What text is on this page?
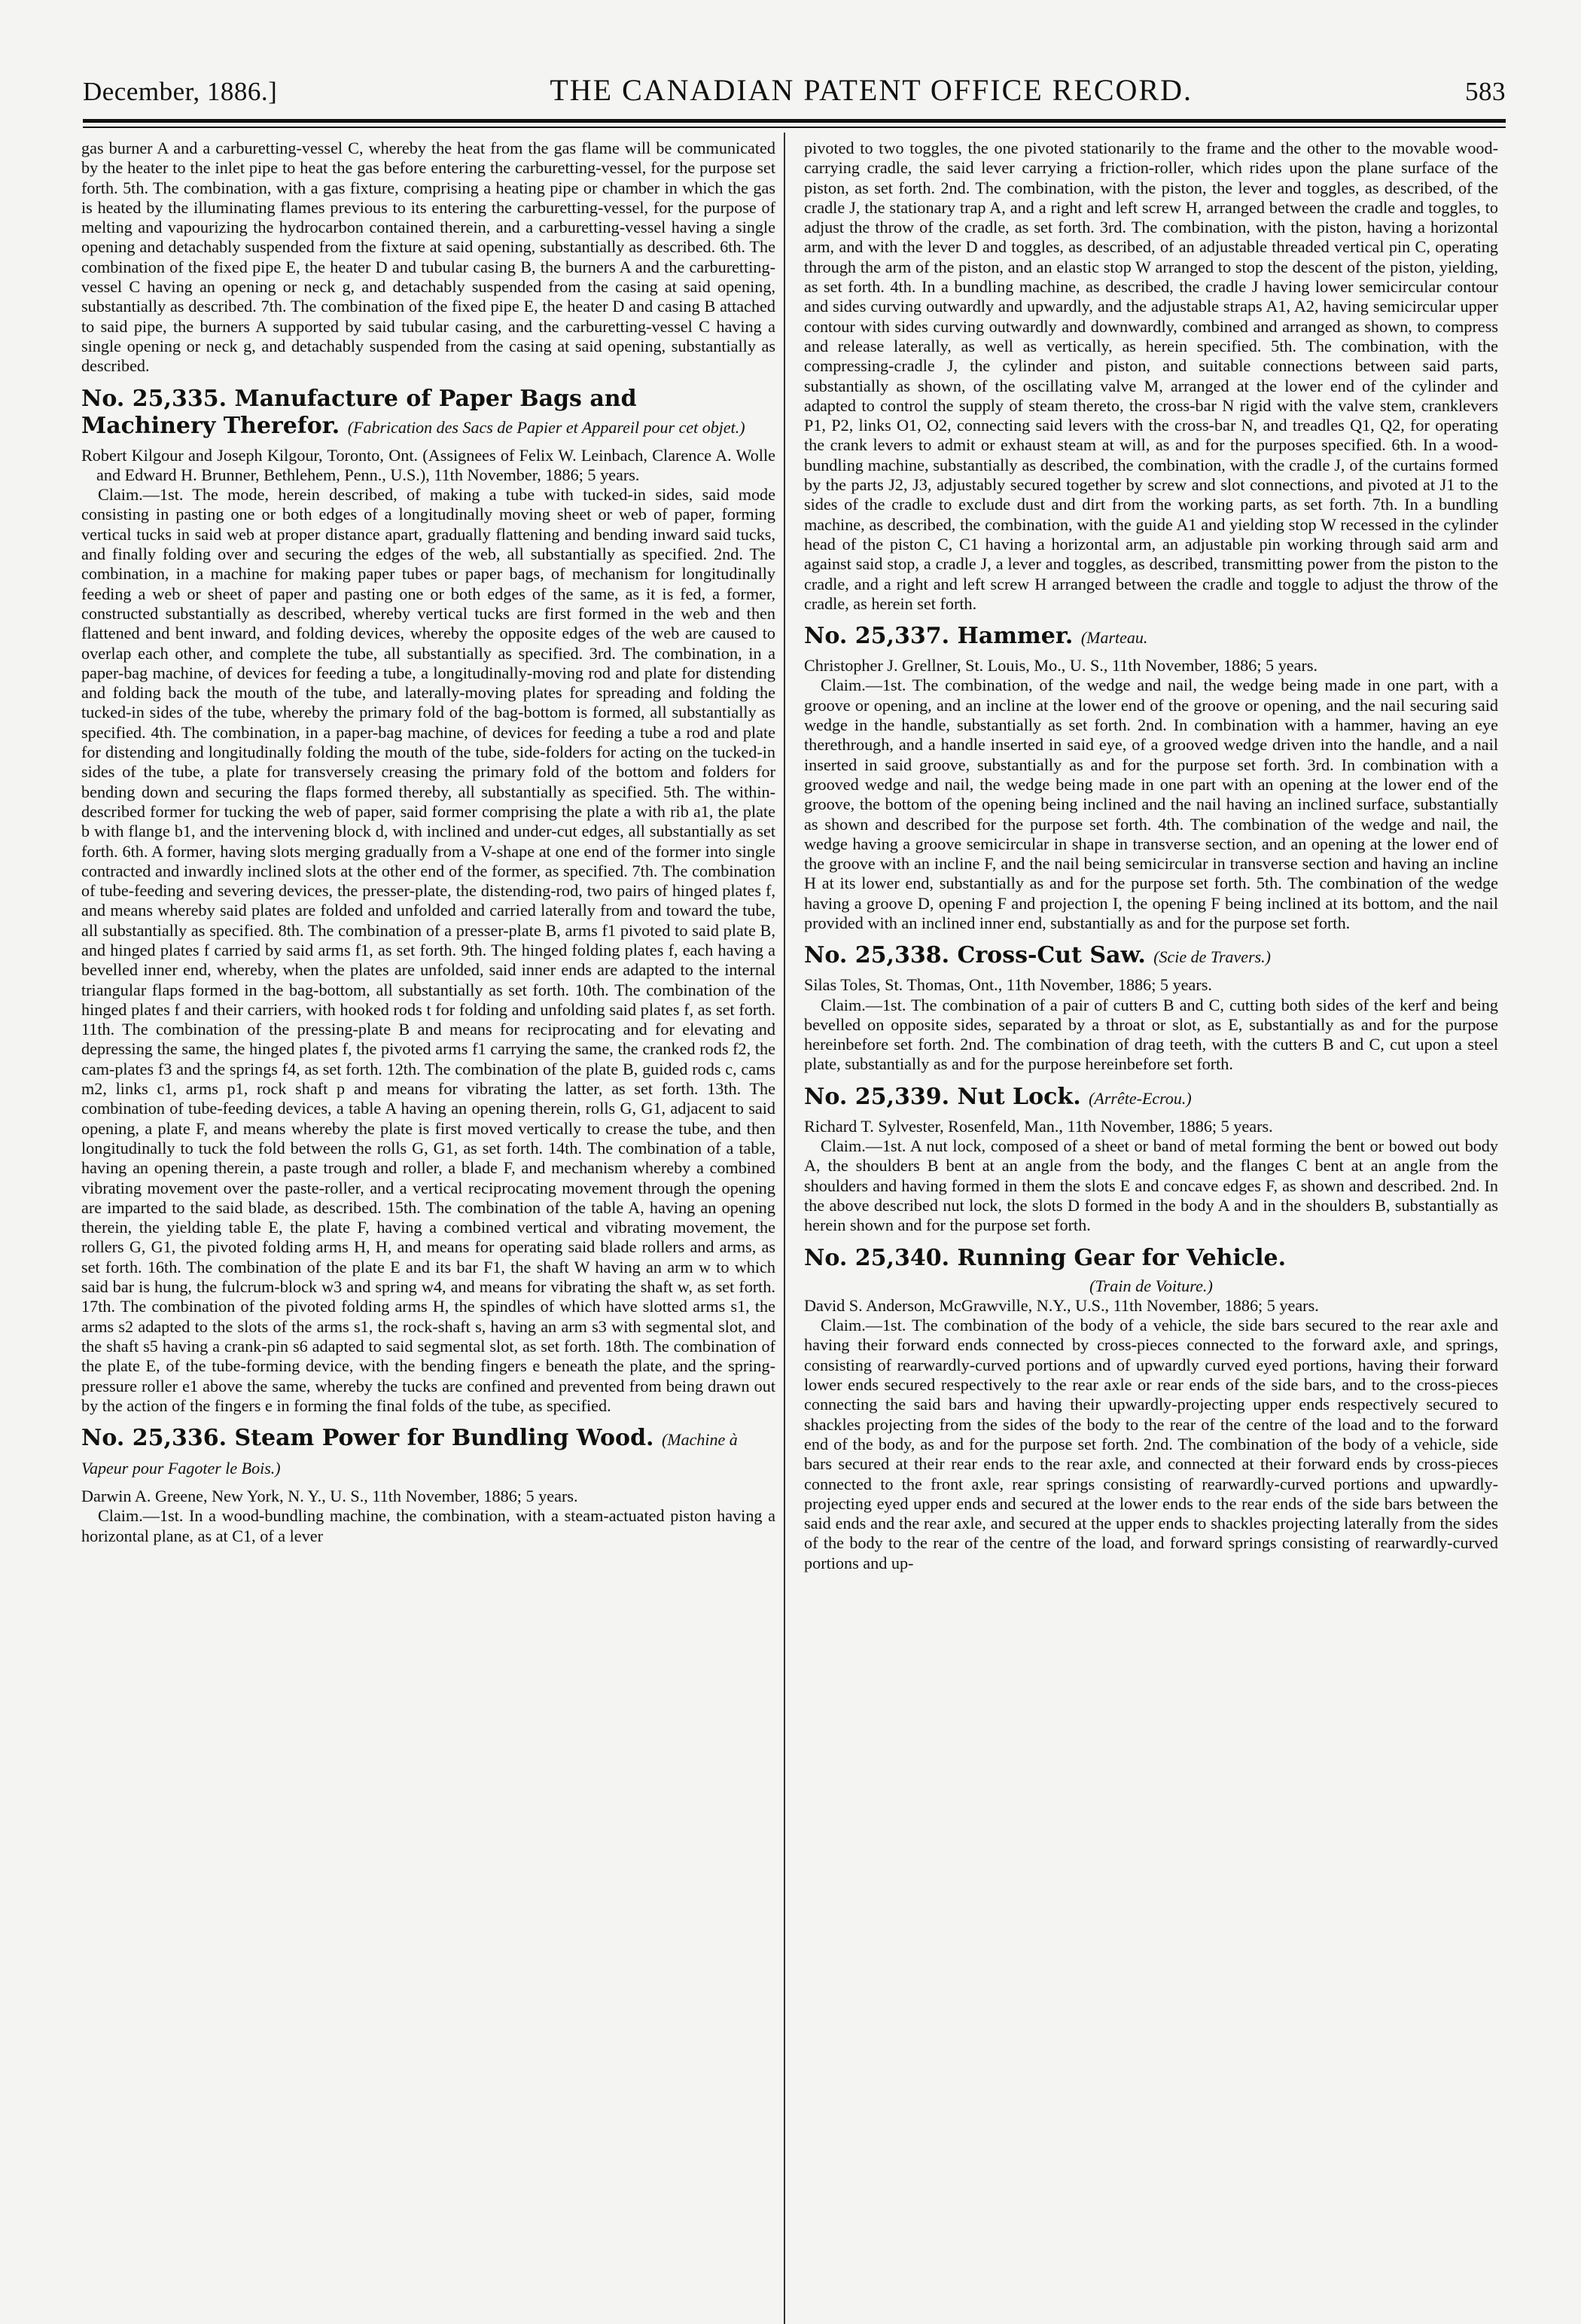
December, 1886.]	THE CANADIAN PATENT OFFICE RECORD.	583

gas burner A and a carburetting-vessel C, whereby the heat from the gas flame will be communicated by the heater to the inlet pipe to heat the gas before entering the carburetting-vessel, for the purpose set forth. 5th. The combination, with a gas fixture, comprising a heating pipe or chamber in which the gas is heated by the illuminating flames previous to its entering the carburetting-vessel, for the purpose of melting and vapourizing the hydrocarbon contained therein, and a carburetting-vessel having a single opening and detachably suspended from the fixture at said opening, substantially as described. 6th. The combination of the fixed pipe E, the heater D and tubular casing B, the burners A and the carburetting-vessel C having an opening or neck g, and detachably suspended from the casing at said opening, substantially as described. 7th. The combination of the fixed pipe E, the heater D and casing B attached to said pipe, the burners A supported by said tubular casing, and the carburetting-vessel C having a single opening or neck g, and detachably suspended from the casing at said opening, substantially as described.

No. 25,335. Manufacture of Paper Bags and Machinery Therefor. (Fabrication des Sacs de Papier et Appareil pour cet objet.)

Robert Kilgour and Joseph Kilgour, Toronto, Ont. (Assignees of Felix W. Leinbach, Clarence A. Wolle and Edward H. Brunner, Bethlehem, Penn., U.S.), 11th November, 1886; 5 years.

Claim.—1st. The mode, herein described, of making a tube with tucked-in sides, said mode consisting in pasting one or both edges of a longitudinally moving sheet or web of paper, forming vertical tucks in said web at proper distance apart, gradually flattening and bending inward said tucks, and finally folding over and securing the edges of the web, all substantially as specified. 2nd. The combination, in a machine for making paper tubes or paper bags, of mechanism for longitudinally feeding a web or sheet of paper and pasting one or both edges of the same, as it is fed, a former, constructed substantially as described, whereby vertical tucks are first formed in the web and then flattened and bent inward, and folding devices, whereby the opposite edges of the web are caused to overlap each other, and complete the tube, all substantially as specified. 3rd. The combination, in a paper-bag machine, of devices for feeding a tube, a longitudinally-moving rod and plate for distending and folding back the mouth of the tube, and laterally-moving plates for spreading and folding the tucked-in sides of the tube, whereby the primary fold of the bag-bottom is formed, all substantially as specified. 4th. The combination, in a paper-bag machine, of devices for feeding a tube a rod and plate for distending and longitudinally folding the mouth of the tube, side-folders for acting on the tucked-in sides of the tube, a plate for transversely creasing the primary fold of the bottom and folders for bending down and securing the flaps formed thereby, all substantially as specified. 5th. The within-described former for tucking the web of paper, said former comprising the plate a with rib a1, the plate b with flange b1, and the intervening block d, with inclined and under-cut edges, all substantially as set forth. 6th. A former, having slots merging gradually from a V-shape at one end of the former into single contracted and inwardly inclined slots at the other end of the former, as specified. 7th. The combination of tube-feeding and severing devices, the presser-plate, the distending-rod, two pairs of hinged plates f, and means whereby said plates are folded and unfolded and carried laterally from and toward the tube, all substantially as specified. 8th. The combination of a presser-plate B, arms f1 pivoted to said plate B, and hinged plates f carried by said arms f1, as set forth. 9th. The hinged folding plates f, each having a bevelled inner end, whereby, when the plates are unfolded, said inner ends are adapted to the internal triangular flaps formed in the bag-bottom, all substantially as set forth. 10th. The combination of the hinged plates f and their carriers, with hooked rods t for folding and unfolding said plates f, as set forth. 11th. The combination of the pressing-plate B and means for reciprocating and for elevating and depressing the same, the hinged plates f, the pivoted arms f1 carrying the same, the cranked rods f2, the cam-plates f3 and the springs f4, as set forth. 12th. The combination of the plate B, guided rods c, cams m2, links c1, arms p1, rock shaft p and means for vibrating the latter, as set forth. 13th. The combination of tube-feeding devices, a table A having an opening therein, rolls G, G1, adjacent to said opening, a plate F, and means whereby the plate is first moved vertically to crease the tube, and then longitudinally to tuck the fold between the rolls G, G1, as set forth. 14th. The combination of a table, having an opening therein, a paste trough and roller, a blade F, and mechanism whereby a combined vibrating movement over the paste-roller, and a vertical reciprocating movement through the opening are imparted to the said blade, as described. 15th. The combination of the table A, having an opening therein, the yielding table E, the plate F, having a combined vertical and vibrating movement, the rollers G, G1, the pivoted folding arms H, H, and means for operating said blade rollers and arms, as set forth. 16th. The combination of the plate E and its bar F1, the shaft W having an arm w to which said bar is hung, the fulcrum-block w3 and spring w4, and means for vibrating the shaft w, as set forth. 17th. The combination of the pivoted folding arms H, the spindles of which have slotted arms s1, the arms s2 adapted to the slots of the arms s1, the rock-shaft s, having an arm s3 with segmental slot, and the shaft s5 having a crank-pin s6 adapted to said segmental slot, as set forth. 18th. The combination of the plate E, of the tube-forming device, with the bending fingers e beneath the plate, and the spring-pressure roller e1 above the same, whereby the tucks are confined and prevented from being drawn out by the action of the fingers e in forming the final folds of the tube, as specified.

No. 25,336. Steam Power for Bundling Wood. (Machine à Vapeur pour Fagoter le Bois.)

Darwin A. Greene, New York, N. Y., U. S., 11th November, 1886; 5 years.

Claim.—1st. In a wood-bundling machine, the combination, with a steam-actuated piston having a horizontal plane, as at C1, of a lever

pivoted to two toggles, the one pivoted stationarily to the frame and the other to the movable wood-carrying cradle, the said lever carrying a friction-roller, which rides upon the plane surface of the piston, as set forth. 2nd. The combination, with the piston, the lever and toggles, as described, of the cradle J, the stationary trap A, and a right and left screw H, arranged between the cradle and toggles, to adjust the throw of the cradle, as set forth. 3rd. The combination, with the piston, having a horizontal arm, and with the lever D and toggles, as described, of an adjustable threaded vertical pin C, operating through the arm of the piston, and an elastic stop W arranged to stop the descent of the piston, yielding, as set forth. 4th. In a bundling machine, as described, the cradle J having lower semicircular contour and sides curving outwardly and upwardly, and the adjustable straps A1, A2, having semicircular upper contour with sides curving outwardly and downwardly, combined and arranged as shown, to compress and release laterally, as well as vertically, as herein specified. 5th. The combination, with the compressing-cradle J, the cylinder and piston, and suitable connections between said parts, substantially as shown, of the oscillating valve M, arranged at the lower end of the cylinder and adapted to control the supply of steam thereto, the cross-bar N rigid with the valve stem, cranklevers P1, P2, links O1, O2, connecting said levers with the cross-bar N, and treadles Q1, Q2, for operating the crank levers to admit or exhaust steam at will, as and for the purposes specified. 6th. In a wood-bundling machine, substantially as described, the combination, with the cradle J, of the curtains formed by the parts J2, J3, adjustably secured together by screw and slot connections, and pivoted at J1 to the sides of the cradle to exclude dust and dirt from the working parts, as set forth. 7th. In a bundling machine, as described, the combination, with the guide A1 and yielding stop W recessed in the cylinder head of the piston C, C1 having a horizontal arm, an adjustable pin working through said arm and against said stop, a cradle J, a lever and toggles, as described, transmitting power from the piston to the cradle, and a right and left screw H arranged between the cradle and toggle to adjust the throw of the cradle, as herein set forth.

No. 25,337. Hammer. (Marteau.

Christopher J. Grellner, St. Louis, Mo., U. S., 11th November, 1886; 5 years.

Claim.—1st. The combination, of the wedge and nail, the wedge being made in one part, with a groove or opening, and an incline at the lower end of the groove or opening, and the nail securing said wedge in the handle, substantially as set forth. 2nd. In combination with a hammer, having an eye therethrough, and a handle inserted in said eye, of a grooved wedge driven into the handle, and a nail inserted in said groove, substantially as and for the purpose set forth. 3rd. In combination with a grooved wedge and nail, the wedge being made in one part with an opening at the lower end of the groove, the bottom of the opening being inclined and the nail having an inclined surface, substantially as shown and described for the purpose set forth. 4th. The combination of the wedge and nail, the wedge having a groove semicircular in shape in transverse section, and an opening at the lower end of the groove with an incline F, and the nail being semicircular in transverse section and having an incline H at its lower end, substantially as and for the purpose set forth. 5th. The combination of the wedge having a groove D, opening F and projection I, the opening F being inclined at its bottom, and the nail provided with an inclined inner end, substantially as and for the purpose set forth.

No. 25,338. Cross-Cut Saw. (Scie de Travers.)

Silas Toles, St. Thomas, Ont., 11th November, 1886; 5 years.

Claim.—1st. The combination of a pair of cutters B and C, cutting both sides of the kerf and being bevelled on opposite sides, separated by a throat or slot, as E, substantially as and for the purpose hereinbefore set forth. 2nd. The combination of drag teeth, with the cutters B and C, cut upon a steel plate, substantially as and for the purpose hereinbefore set forth.

No. 25,339. Nut Lock. (Arrête-Ecrou.)

Richard T. Sylvester, Rosenfeld, Man., 11th November, 1886; 5 years.

Claim.—1st. A nut lock, composed of a sheet or band of metal forming the bent or bowed out body A, the shoulders B bent at an angle from the body, and the flanges C bent at an angle from the shoulders and having formed in them the slots E and concave edges F, as shown and described. 2nd. In the above described nut lock, the slots D formed in the body A and in the shoulders B, substantially as herein shown and for the purpose set forth.

No. 25,340. Running Gear for Vehicle.

(Train de Voiture.)

David S. Anderson, McGrawville, N.Y., U.S., 11th November, 1886; 5 years.

Claim.—1st. The combination of the body of a vehicle, the side bars secured to the rear axle and having their forward ends connected by cross-pieces connected to the forward axle, and springs, consisting of rearwardly-curved portions and of upwardly curved eyed portions, having their forward lower ends secured respectively to the rear axle or rear ends of the side bars, and to the cross-pieces connecting the said bars and having their upwardly-projecting upper ends respectively secured to shackles projecting from the sides of the body to the rear of the centre of the load and to the forward end of the body, as and for the purpose set forth. 2nd. The combination of the body of a vehicle, side bars secured at their rear ends to the rear axle, and connected at their forward ends by cross-pieces connected to the front axle, rear springs consisting of rearwardly-curved portions and upwardly-projecting eyed upper ends and secured at the lower ends to the rear ends of the side bars between the said ends and the rear axle, and secured at the upper ends to shackles projecting laterally from the sides of the body to the rear of the centre of the load, and forward springs consisting of rearwardly-curved portions and up-
